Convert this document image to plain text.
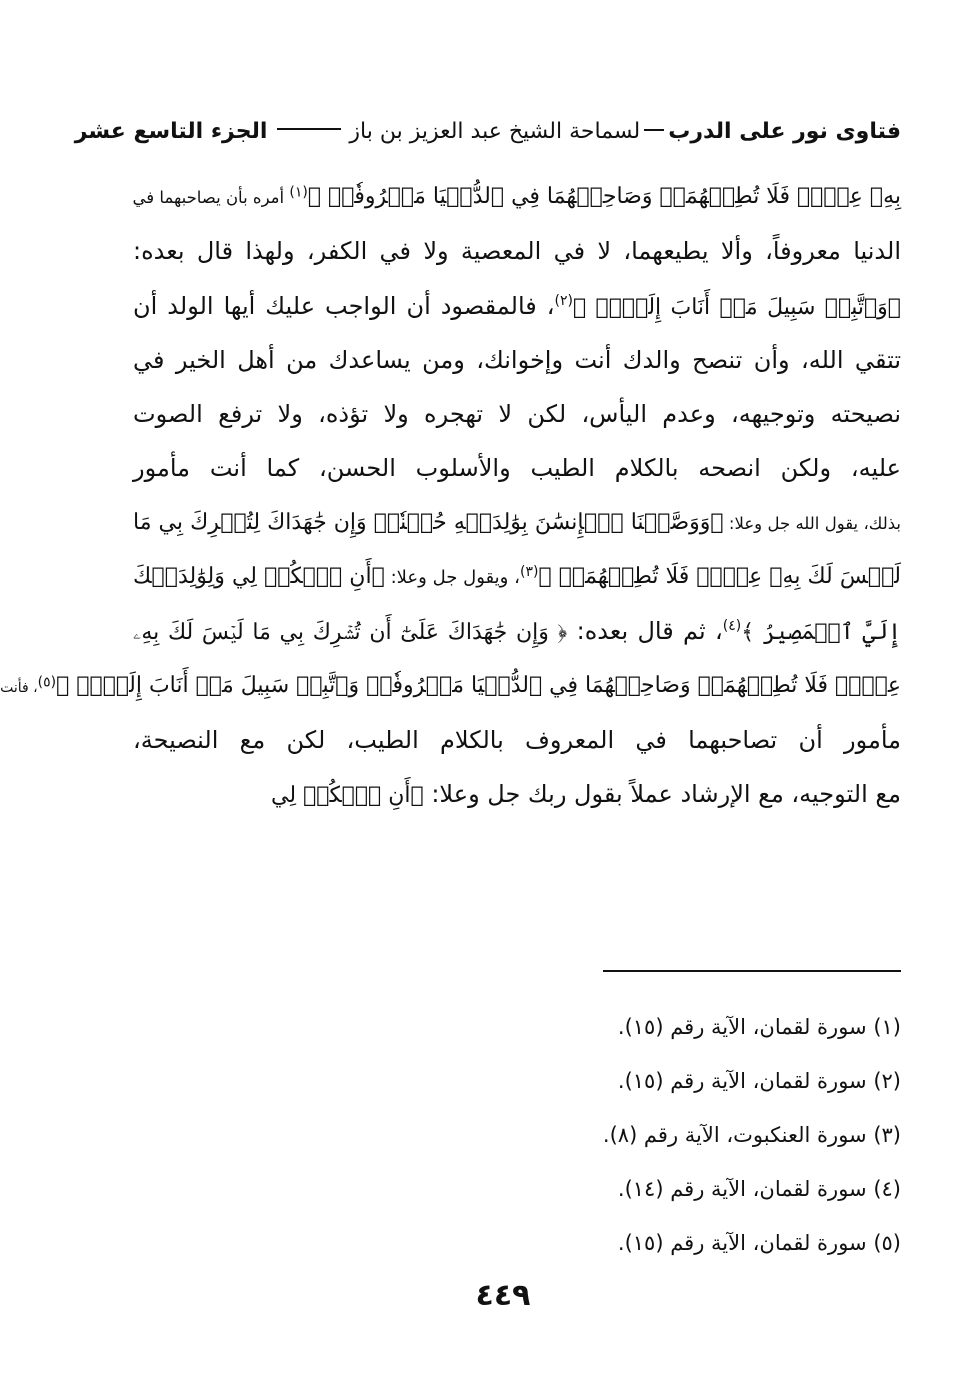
فتاوى نور على الدرب
لسماحة الشيخ عبد العزيز بن باز
الجزء التاسع عشر
بِهِۦ عِلۡمٞ فَلَا تُطِعۡهُمَاۖ وَصَاحِبۡهُمَا فِي ٱلدُّنۡيَا مَعۡرُوفٗاۖ ﴾$^{(١)}$ أمره بأن يصاحبهما في
الدنيا معروفاً، وألا يطيعهما، لا في المعصية ولا في الكفر، ولهذا قال بعده:
﴿وَٱتَّبِعۡ سَبِيلَ مَنۡ أَنَابَ إِلَيَّۚ ﴾$^{(٢)}$، فالمقصود أن الواجب عليك أيها الولد أن
تتقي الله، وأن تنصح والدك أنت وإخوانك، ومن يساعدك من أهل الخير في
نصيحته وتوجيهه، وعدم اليأس، لكن لا تهجره ولا تؤذه، ولا ترفع الصوت
عليه، ولكن انصحه بالكلام الطيب والأسلوب الحسن، كما أنت مأمور
بذلك، يقول الله جل وعلا: ﴿وَوَصَّيۡنَا ٱلۡإِنسَٰنَ بِوَٰلِدَيۡهِ حُسۡنٗاۖ وَإِن جَٰهَدَاكَ لِتُشۡرِكَ بِي مَا
لَيۡسَ لَكَ بِهِۦ عِلۡمٞ فَلَا تُطِعۡهُمَآۚ ﴾$^{(٣)}$، ويقول جل وعلا: ﴿أَنِ ٱشۡكُرۡ لِي وَلِوَٰلِدَيۡكَ
إِلَيَّ ٱلۡمَصِيرُ ﴾$^{(٤)}$، ثم قال بعده: ﴿ وَإِن جَٰهَدَاكَ عَلَىٰٓ أَن تُشۡرِكَ بِي مَا لَيۡسَ لَكَ بِهِۦ
عِلۡمٞ فَلَا تُطِعۡهُمَاۖ وَصَاحِبۡهُمَا فِي ٱلدُّنۡيَا مَعۡرُوفٗاۖ وَٱتَّبِعۡ سَبِيلَ مَنۡ أَنَابَ إِلَيَّۚ ﴾(٥)، فأنت
مأمور أن تصاحبهما في المعروف بالكلام الطيب، لكن مع النصيحة،
مع التوجيه، مع الإرشاد عملاً بقول ربك جل وعلا: ﴿أَنِ ٱشۡكُرۡ لِي
(١) سورة لقمان، الآية رقم (١٥).
(٢) سورة لقمان، الآية رقم (١٥).
(٣) سورة العنكبوت، الآية رقم (٨).
(٤) سورة لقمان، الآية رقم (١٤).
(٥) سورة لقمان، الآية رقم (١٥).
٤٤٩
